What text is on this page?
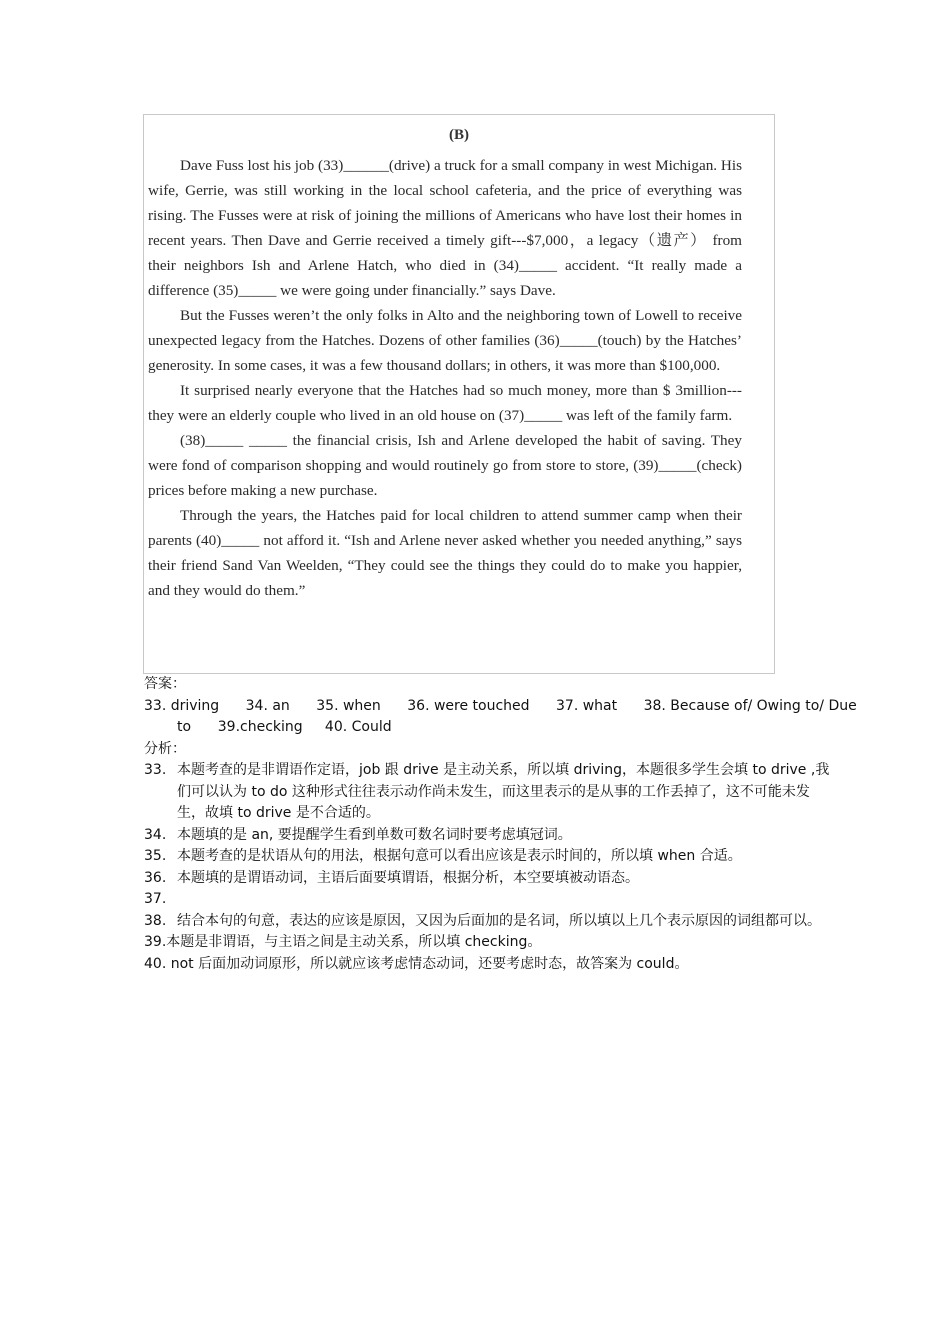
(B)

Dave Fuss lost his job (33)______(drive) a truck for a small company in west Michigan. His wife, Gerrie, was still working in the local school cafeteria, and the price of everything was rising. The Fusses were at risk of joining the millions of Americans who have lost their homes in recent years. Then Dave and Gerrie received a timely gift---$7,000，a legacy（遗产） from their neighbors Ish and Arlene Hatch, who died in (34)_____ accident. “It really made a difference (35)_____ we were going under financially.” says Dave.

But the Fusses weren’t the only folks in Alto and the neighboring town of Lowell to receive unexpected legacy from the Hatches. Dozens of other families (36)_____(touch) by the Hatches’ generosity. In some cases, it was a few thousand dollars; in others, it was more than $100,000.

It surprised nearly everyone that the Hatches had so much money, more than $ 3million---they were an elderly couple who lived in an old house on (37)_____ was left of the family farm.

(38)_____ _____ the financial crisis, Ish and Arlene developed the habit of saving. They were fond of comparison shopping and would routinely go from store to store, (39)_____(check) prices before making a new purchase.

Through the years, the Hatches paid for local children to attend summer camp when their parents (40)_____ not afford it. “Ish and Arlene never asked whether you needed anything,” says their friend Sand Van Weelden, “They could see the things they could do to make you happier, and they would do them.”

答案：
33. driving 34. an 35. when 36. were touched 37. what 38. Because of/ Owing to/ Due
to      39.checking     40. Could
分析：
33. 本题考查的是非谓语作定语，job 跟 drive 是主动关系，所以填 driving，本题很多学生会填 to drive ,我们可以认为 to do 这种形式往往表示动作尚未发生，而这里表示的是从事的工作丢掉了，这不可能未发生，故填 to drive 是不合适的。
34. 本题填的是 an, 要提醒学生看到单数可数名词时要考虑填冠词。
35. 本题考查的是状语从句的用法，根据句意可以看出应该是表示时间的，所以填 when 合适。
36. 本题填的是谓语动词，主语后面要填谓语，根据分析，本空要填被动语态。
37.
38. 结合本句的句意，表达的应该是原因，又因为后面加的是名词，所以填以上几个表示原因的词组都可以。
39.本题是非谓语，与主语之间是主动关系，所以填 checking。
40. not 后面加动词原形，所以就应该考虑情态动词，还要考虑时态，故答案为 could。
